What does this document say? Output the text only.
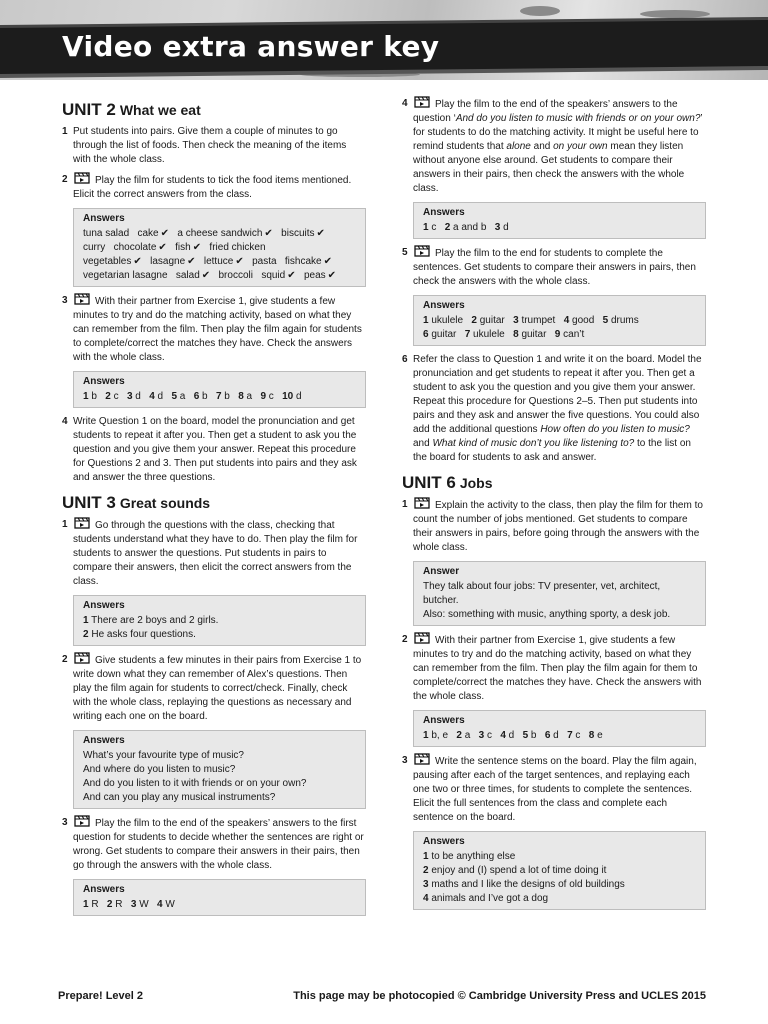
Video extra answer key
UNIT 2 What we eat
1 Put students into pairs. Give them a couple of minutes to go through the list of foods. Then check the meaning of the items with the whole class.
2	Play the film for students to tick the food items mentioned. Elicit the correct answers from the class.
Answers
tuna salad cake ✔ a cheese sandwich ✔ biscuits ✔
curry chocolate ✔ fish ✔ fried chicken
vegetables ✔ lasagne ✔ lettuce ✔ pasta fishcake ✔
vegetarian lasagne salad ✔ broccoli squid ✔ peas ✔
3	With their partner from Exercise 1, give students a few minutes to try and do the matching activity, based on what they can remember from the film. Then play the film again for students to complete/correct the matches they have. Check the answers with the whole class.
Answers
1 b 2 c 3 d 4 d 5 a 6 b 7 b 8 a 9 c 10 d
4 Write Question 1 on the board, model the pronunciation and get students to repeat it after you. Then get a student to ask you the question and you give them your answer. Repeat this procedure for Questions 2 and 3. Then put students into pairs and they ask and answer the three questions.
UNIT 3 Great sounds
1	Go through the questions with the class, checking that students understand what they have to do. Then play the film for students to answer the questions. Put students in pairs to compare their answers, then elicit the correct answers from the class.
Answers
1 There are 2 boys and 2 girls.
2 He asks four questions.
2	Give students a few minutes in their pairs from Exercise 1 to write down what they can remember of Alex’s questions. Then play the film again for students to correct/check. Finally, check with the whole class, replaying the questions as necessary and writing each one on the board.
Answers
What’s your favourite type of music?
And where do you listen to music?
And do you listen to it with friends or on your own?
And can you play any musical instruments?
3	Play the film to the end of the speakers’ answers to the first question for students to decide whether the sentences are right or wrong. Get students to compare their answers in their pairs, then go through the answers with the whole class.
Answers
1 R 2 R 3 W 4 W
4	Play the film to the end of the speakers’ answers to the question ‘And do you listen to music with friends or on your own?’ for students to do the matching activity. It might be useful here to remind students that alone and on your own mean they listen without anyone else around. Get students to compare their answers in their pairs, then check the answers with the whole class.
Answers
1 c 2 a and b 3 d
5	Play the film to the end for students to complete the sentences. Get students to compare their answers in pairs, then check the answers with the whole class.
Answers
1 ukulele 2 guitar 3 trumpet 4 good 5 drums
6 guitar 7 ukulele 8 guitar 9 can’t
6 Refer the class to Question 1 and write it on the board. Model the pronunciation and get students to repeat it after you. Then get a student to ask you the question and you give them your answer. Repeat this procedure for Questions 2–5. Then put students into pairs and they ask and answer the five questions. You could also add the additional questions How often do you listen to music? and What kind of music don’t you like listening to? to the list on the board for students to ask and answer.
UNIT 6 Jobs
1	Explain the activity to the class, then play the film for them to count the number of jobs mentioned. Get students to compare their answers in pairs, before going through the answers with the whole class.
Answer
They talk about four jobs: TV presenter, vet, architect, butcher.
Also: something with music, anything sporty, a desk job.
2	With their partner from Exercise 1, give students a few minutes to try and do the matching activity, based on what they can remember from the film. Then play the film again for them to complete/correct the matches they have. Check the answers with the whole class.
Answers
1 b, e 2 a 3 c 4 d 5 b 6 d 7 c 8 e
3	Write the sentence stems on the board. Play the film again, pausing after each of the target sentences, and replaying each one two or three times, for students to complete the sentences. Elicit the full sentences from the class and complete each sentence on the board.
Answers
1 to be anything else
2 enjoy and (I) spend a lot of time doing it
3 maths and I like the designs of old buildings
4 animals and I’ve got a dog
Prepare! Level 2	This page may be photocopied © Cambridge University Press and UCLES 2015
